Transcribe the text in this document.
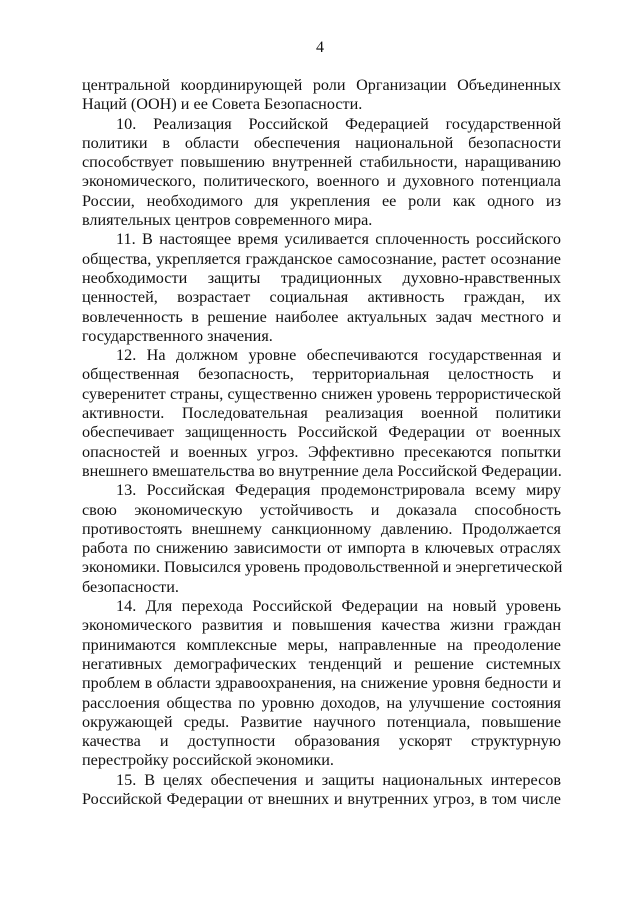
4
центральной координирующей роли Организации Объединенных
Наций (ООН) и ее Совета Безопасности.
10. Реализация Российской Федерацией государственной
политики в области обеспечения национальной безопасности
способствует повышению внутренней стабильности, наращиванию
экономического, политического, военного и духовного потенциала
России, необходимого для укрепления ее роли как одного из
влиятельных центров современного мира.
11. В настоящее время усиливается сплоченность российского
общества, укрепляется гражданское самосознание, растет осознание
необходимости защиты традиционных духовно-нравственных
ценностей, возрастает социальная активность граждан, их
вовлеченность в решение наиболее актуальных задач местного и
государственного значения.
12. На должном уровне обеспечиваются государственная и
общественная безопасность, территориальная целостность и
суверенитет страны, существенно снижен уровень террористической
активности. Последовательная реализация военной политики
обеспечивает защищенность Российской Федерации от военных
опасностей и военных угроз. Эффективно пресекаются попытки
внешнего вмешательства во внутренние дела Российской Федерации.
13. Российская Федерация продемонстрировала всему миру
свою экономическую устойчивость и доказала способность
противостоять внешнему санкционному давлению. Продолжается
работа по снижению зависимости от импорта в ключевых отраслях
экономики. Повысился уровень продовольственной и энергетической
безопасности.
14. Для перехода Российской Федерации на новый уровень
экономического развития и повышения качества жизни граждан
принимаются комплексные меры, направленные на преодоление
негативных демографических тенденций и решение системных
проблем в области здравоохранения, на снижение уровня бедности и
расслоения общества по уровню доходов, на улучшение состояния
окружающей среды. Развитие научного потенциала, повышение
качества и доступности образования ускорят структурную
перестройку российской экономики.
15. В целях обеспечения и защиты национальных интересов
Российской Федерации от внешних и внутренних угроз, в том числе
